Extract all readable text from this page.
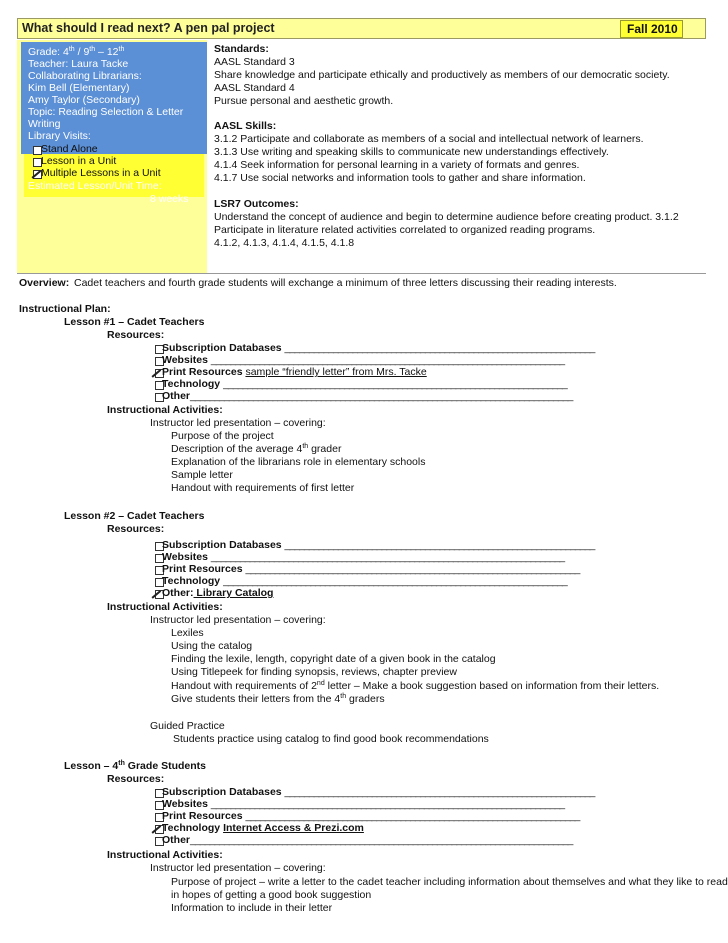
What should I read next? A pen pal project	Fall 2010
Grade: 4th / 9th – 12th
Teacher: Laura Tacke
Collaborating Librarians:
Kim Bell (Elementary)
Amy Taylor (Secondary)
Topic: Reading Selection & Letter
Writing
Library Visits:
Stand Alone
Lesson in a Unit
Multiple Lessons in a Unit
Estimated Lesson/Unit Time:
8 weeks
Standards:
AASL Standard 3
Share knowledge and participate ethically and productively as members of our democratic society.
AASL Standard 4
Pursue personal and aesthetic growth.
AASL Skills:
3.1.2 Participate and collaborate as members of a social and intellectual network of learners.
3.1.3 Use writing and speaking skills to communicate new understandings effectively.
4.1.4 Seek information for personal learning in a variety of formats and genres.
4.1.7 Use social networks and information tools to gather and share information.
LSR7 Outcomes:
Understand the concept of audience and begin to determine audience before creating product. 3.1.2
Participate in literature related activities correlated to organized reading programs.
4.1.2, 4.1.3, 4.1.4, 4.1.5, 4.1.8
Overview: Cadet teachers and fourth grade students will exchange a minimum of three letters discussing their reading interests.
Instructional Plan:
Lesson #1 – Cadet Teachers
Resources:
Subscription Databases ________________________________________________________________
Websites _________________________________________________________________________
Print Resources sample “friendly letter” from Mrs. Tacke
Technology _______________________________________________________________________
Other_______________________________________________________________________________
Instructional Activities:
Instructor led presentation – covering:
Purpose of the project
Description of the average 4th grader
Explanation of the librarians role in elementary schools
Sample letter
Handout with requirements of first letter
Lesson #2 – Cadet Teachers
Resources:
Subscription Databases ________________________________________________________________
Websites _________________________________________________________________________
Print Resources _____________________________________________________________________
Technology _______________________________________________________________________
Other: Library Catalog
Instructional Activities:
Instructor led presentation – covering:
Lexiles
Using the catalog
Finding the lexile, length, copyright date of a given book in the catalog
Using Titlepeek for finding synopsis, reviews, chapter preview
Handout with requirements of 2nd letter – Make a book suggestion based on information from their letters.
Give students their letters from the 4th graders
Guided Practice
Students practice using catalog to find good book recommendations
Lesson – 4th Grade Students
Resources:
Subscription Databases ________________________________________________________________
Websites _________________________________________________________________________
Print Resources _____________________________________________________________________
Technology Internet Access & Prezi.com
Other_______________________________________________________________________________
Instructional Activities:
Instructor led presentation – covering:
Purpose of project – write a letter to the cadet teacher including information about themselves and what they like to read
in hopes of getting a good book suggestion
Information to include in their letter
